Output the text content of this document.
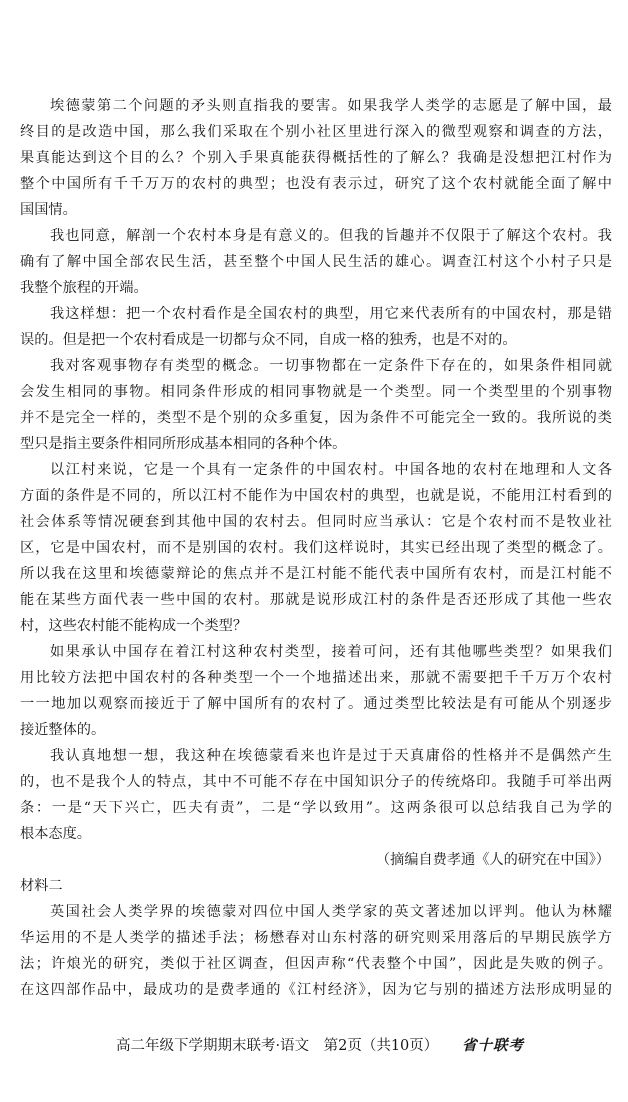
埃德蒙第二个问题的矛头则直指我的要害。如果我学人类学的志愿是了解中国，最
终目的是改造中国，那么我们采取在个别小社区里进行深入的微型观察和调查的方法，
果真能达到这个目的么？个别入手果真能获得概括性的了解么？我确是没想把江村作为
整个中国所有千千万万的农村的典型；也没有表示过，研究了这个农村就能全面了解中
国国情。
我也同意，解剖一个农村本身是有意义的。但我的旨趣并不仅限于了解这个农村。我
确有了解中国全部农民生活，甚至整个中国人民生活的雄心。调查江村这个小村子只是
我整个旅程的开端。
我这样想：把一个农村看作是全国农村的典型，用它来代表所有的中国农村，那是错
误的。但是把一个农村看成是一切都与众不同，自成一格的独秀，也是不对的。
我对客观事物存有类型的概念。一切事物都在一定条件下存在的，如果条件相同就
会发生相同的事物。相同条件形成的相同事物就是一个类型。同一个类型里的个别事物
并不是完全一样的，类型不是个别的众多重复，因为条件不可能完全一致的。我所说的类
型只是指主要条件相同所形成基本相同的各种个体。
以江村来说，它是一个具有一定条件的中国农村。中国各地的农村在地理和人文各
方面的条件是不同的，所以江村不能作为中国农村的典型，也就是说，不能用江村看到的
社会体系等情况硬套到其他中国的农村去。但同时应当承认：它是个农村而不是牧业社
区，它是中国农村，而不是别国的农村。我们这样说时，其实已经出现了类型的概念了。
所以我在这里和埃德蒙辩论的焦点并不是江村能不能代表中国所有农村，而是江村能不
能在某些方面代表一些中国的农村。那就是说形成江村的条件是否还形成了其他一些农
村，这些农村能不能构成一个类型？
如果承认中国存在着江村这种农村类型，接着可问，还有其他哪些类型？如果我们
用比较方法把中国农村的各种类型一个一个地描述出来，那就不需要把千千万万个农村
一一地加以观察而接近于了解中国所有的农村了。通过类型比较法是有可能从个别逐步
接近整体的。
我认真地想一想，我这种在埃德蒙看来也许是过于天真庸俗的性格并不是偶然产生
的，也不是我个人的特点，其中不可能不存在中国知识分子的传统烙印。我随手可举出两
条：一是“天下兴亡，匹夫有责”，二是“学以致用”。这两条很可以总结我自己为学的
根本态度。
（摘编自费孝通《人的研究在中国》）
材料二
英国社会人类学界的埃德蒙对四位中国人类学家的英文著述加以评判。他认为林耀
华运用的不是人类学的描述手法；杨懋春对山东村落的研究则采用落后的早期民族学方
法；许烺光的研究，类似于社区调查，但因声称“代表整个中国”，因此是失败的例子。
在这四部作品中，最成功的是费孝通的《江村经济》，因为它与别的描述方法形成明显的
高二年级下学期期末联考·语文　第2页（共10页） 省十联考
